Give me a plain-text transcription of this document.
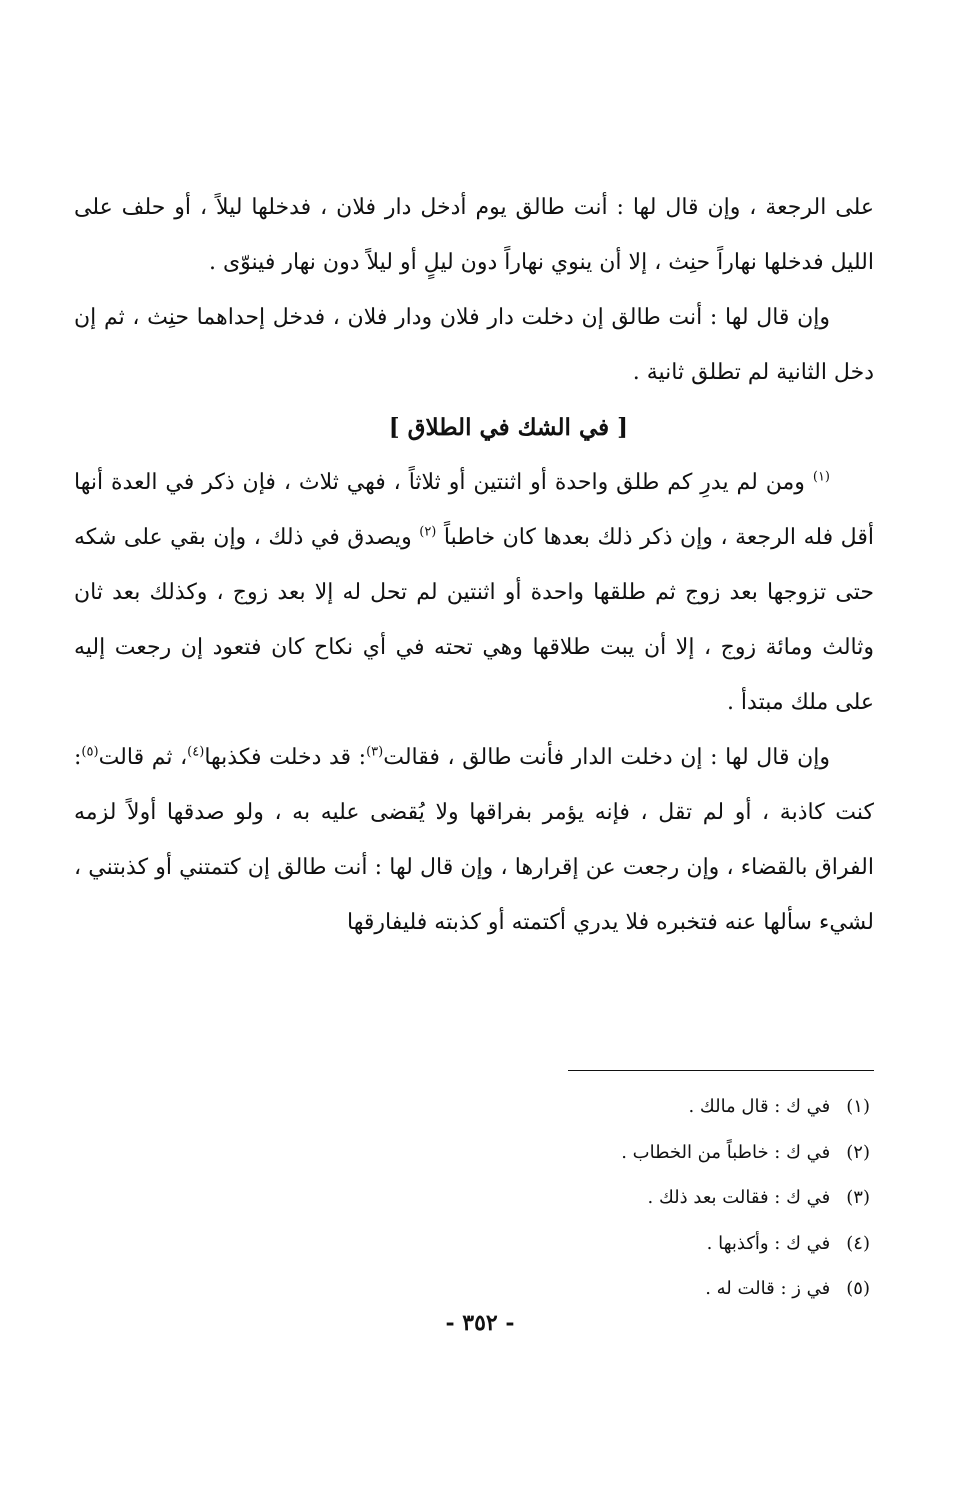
على الرجعة ، وإن قال لها : أنت طالق يوم أدخل دار فلان ، فدخلها ليلاً ، أو حلف على الليل فدخلها نهاراً حنِث ، إلا أن ينوي نهاراً دون ليلٍ أو ليلاً دون نهار فينوّى .

وإن قال لها : أنت طالق إن دخلت دار فلان ودار فلان ، فدخل إحداهما حنِث ، ثم إن دخل الثانية لم تطلق ثانية .

[ في الشك في الطلاق ]

$^{(١)}$ ومن لم يدرِ كم طلق واحدة أو اثنتين أو ثلاثاً ، فهي ثلاث ، فإن ذكر في العدة أنها أقل فله الرجعة ، وإن ذكر ذلك بعدها كان خاطباً $^{(٢)}$ ويصدق في ذلك ، وإن بقي على شكه حتى تزوجها بعد زوج ثم طلقها واحدة أو اثنتين لم تحل له إلا بعد زوج ، وكذلك بعد ثان وثالث ومائة زوج ، إلا أن يبت طلاقها وهي تحته في أي نكاح كان فتعود إن رجعت إليه على ملك مبتدأ .

وإن قال لها : إن دخلت الدار فأنت طالق ، فقالت$^{(٣)}$: قد دخلت فكذبها$^{(٤)}$، ثم قالت$^{(٥)}$: كنت كاذبة ، أو لم تقل ، فإنه يؤمر بفراقها ولا يُقضى عليه به ، ولو صدقها أولاً لزمه الفراق بالقضاء ، وإن رجعت عن إقرارها ، وإن قال لها : أنت طالق إن كتمتني أو كذبتني ، لشيء سألها عنه فتخبره فلا يدري أكتمته أو كذبته فليفارقها

(١) في ك : قال مالك .
(٢) في ك : خاطباً من الخطاب .
(٣) في ك : فقالت بعد ذلك .
(٤) في ك : وأكذبها .
(٥) في ز : قالت له .
- ٣٥٢ -
